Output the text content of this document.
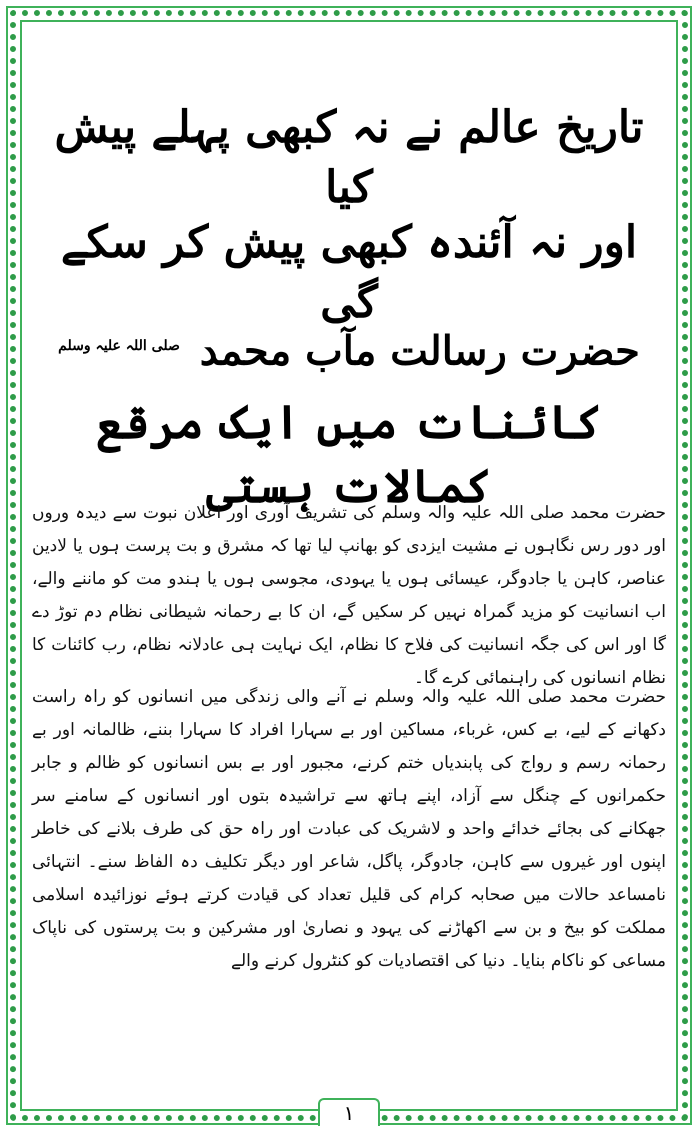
تاریخ عالم نے نہ کبھی پہلے پیش کیا
اور نہ آئندہ کبھی پیش کر سکے گی
حضرت رسالت مآب محمد $^{صلی اللہ علیہ وسلم}$
کائنات میں ایک مرقع کمالات ہستی

حضرت محمد صلی اللہ علیہ والہ وسلم کی تشریف آوری اور اعلان نبوت سے دیدہ وروں اور دور رس نگاہوں نے مشیت ایزدی کو بھانپ لیا تھا کہ مشرق و بت پرست ہوں یا لادین عناصر، کاہن یا جادوگر، عیسائی ہوں یا یہودی، مجوسی ہوں یا ہندو مت کو ماننے والے، اب انسانیت کو مزید گمراہ نہیں کر سکیں گے، ان کا بے رحمانہ شیطانی نظام دم توڑ دے گا اور اس کی جگہ انسانیت کی فلاح کا نظام، ایک نہایت ہی عادلانہ نظام، رب کائنات کا نظام انسانوں کی راہنمائی کرے گا۔

حضرت محمد صلی اللہ علیہ والہ وسلم نے آنے والی زندگی میں انسانوں کو راہ راست دکھانے کے لیے، بے کس، غرباء، مساکین اور بے سہارا افراد کا سہارا بننے، ظالمانہ اور بے رحمانہ رسم و رواج کی پابندیاں ختم کرنے، مجبور اور بے بس انسانوں کو ظالم و جابر حکمرانوں کے چنگل سے آزاد، اپنے ہاتھ سے تراشیدہ بتوں اور انسانوں کے سامنے سر جھکانے کی بجائے خدائے واحد و لاشریک کی عبادت اور راہ حق کی طرف بلانے کی خاطر اپنوں اور غیروں سے کاہن، جادوگر، پاگل، شاعر اور دیگر تکلیف دہ الفاظ سنے۔ انتہائی نامساعد حالات میں صحابہ کرام کی قلیل تعداد کی قیادت کرتے ہوئے نوزائیدہ اسلامی مملکت کو بیخ و بن سے اکھاڑنے کی یہود و نصاریٰ اور مشرکین و بت پرستوں کی ناپاک مساعی کو ناکام بنایا۔ دنیا کی اقتصادیات کو کنٹرول کرنے والے

۱
